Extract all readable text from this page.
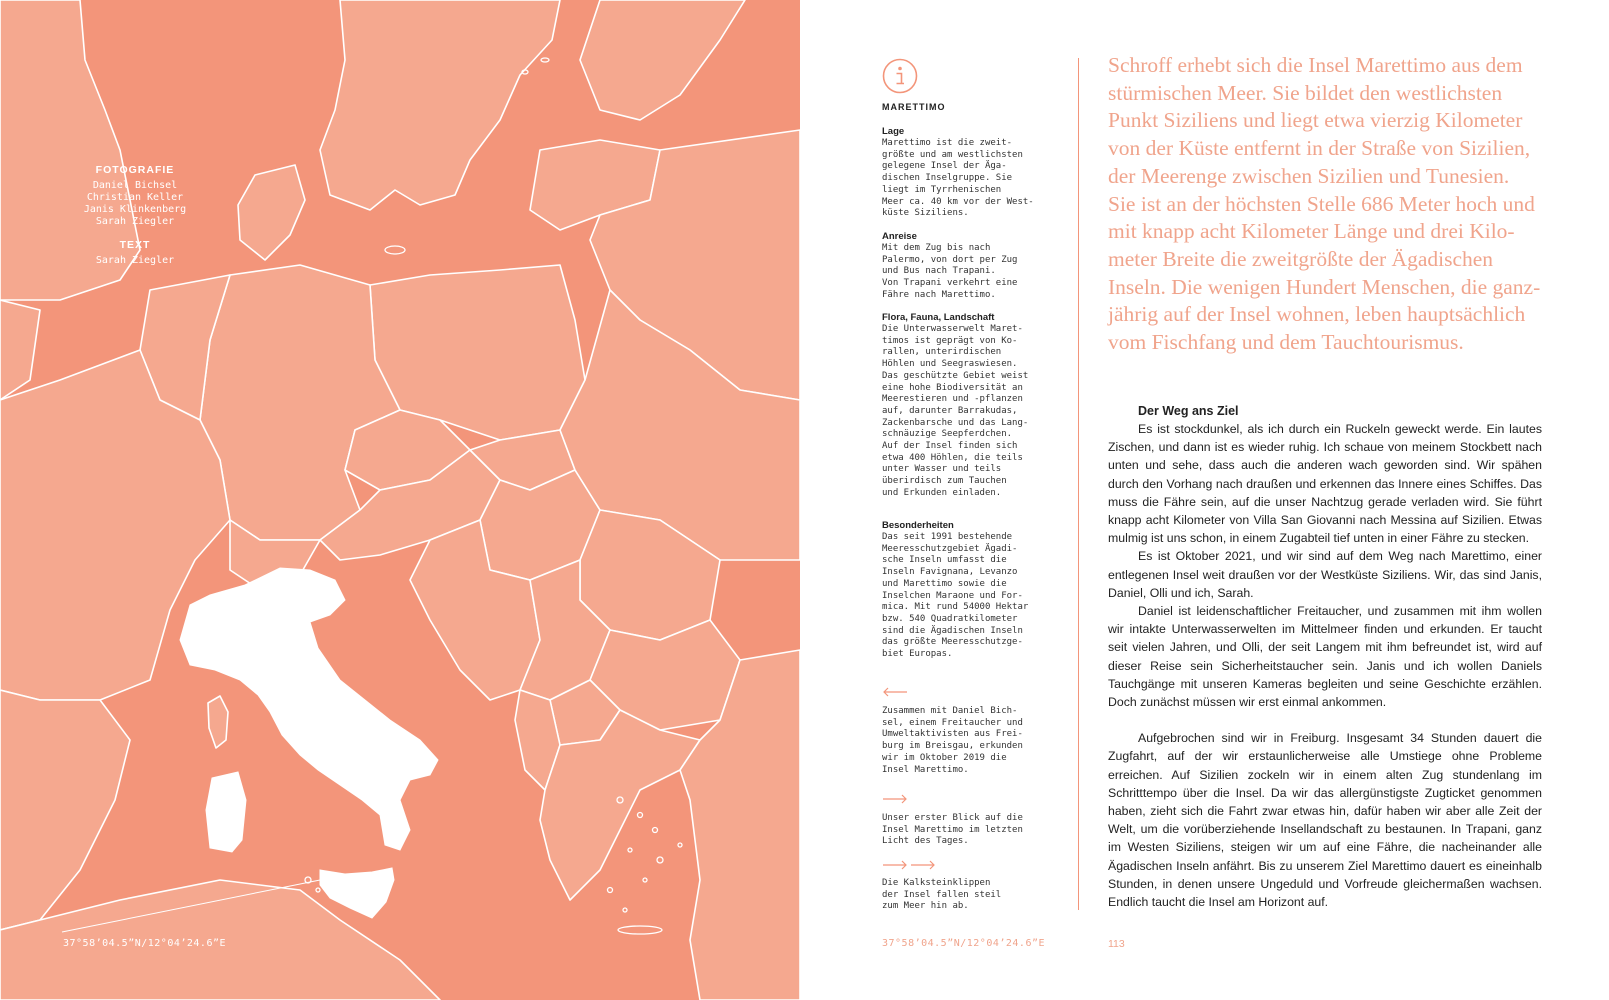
FOTOGRAFIE
Daniel Bichsel
Christian Keller
Janis Klinkenberg
Sarah Ziegler
TEXT
Sarah Ziegler
37°58’04.5”N/12°04’24.6”E
MARETTIMO
Lage
Marettimo ist die zweit-
größte und am westlichsten
gelegene Insel der Äga-
dischen Inselgruppe. Sie
liegt im Tyrrhenischen
Meer ca. 40 km vor der West-
küste Siziliens.
Anreise
Mit dem Zug bis nach
Palermo, von dort per Zug
und Bus nach Trapani.
Von Trapani verkehrt eine
Fähre nach Marettimo.
Flora, Fauna, Landschaft
Die Unterwasserwelt Maret-
timos ist geprägt von Ko-
rallen, unterirdischen
Höhlen und Seegraswiesen.
Das geschützte Gebiet weist
eine hohe Biodiversität an
Meerestieren und -pflanzen
auf, darunter Barrakudas,
Zackenbarsche und das Lang-
schnäuzige Seepferdchen.
Auf der Insel finden sich
etwa 400 Höhlen, die teils
unter Wasser und teils
überirdisch zum Tauchen
und Erkunden einladen.
Besonderheiten
Das seit 1991 bestehende
Meeresschutzgebiet Ägadi-
sche Inseln umfasst die
Inseln Favignana, Levanzo
und Marettimo sowie die
Inselchen Maraone und For-
mica. Mit rund 54000 Hektar
bzw. 540 Quadratkilometer
sind die Ägadischen Inseln
das größte Meeresschutzge-
biet Europas.
Zusammen mit Daniel Bich-
sel, einem Freitaucher und
Umweltaktivisten aus Frei-
burg im Breisgau, erkunden
wir im Oktober 2019 die
Insel Marettimo.
Unser erster Blick auf die
Insel Marettimo im letzten
Licht des Tages.
Die Kalksteinklippen
der Insel fallen steil
zum Meer hin ab.
37°58’04.5”N/12°04’24.6”E
Schroff erhebt sich die Insel Marettimo aus dem
stürmischen Meer. Sie bildet den westlichsten
Punkt Siziliens und liegt etwa vierzig Kilometer
von der Küste entfernt in der Straße von Sizilien,
der Meerenge zwischen Sizilien und Tunesien.
Sie ist an der höchsten Stelle 686 Meter hoch und
mit knapp acht Kilometer Länge und drei Kilo-
meter Breite die zweitgrößte der Ägadischen
Inseln. Die wenigen Hundert Menschen, die ganz-
jährig auf der Insel wohnen, leben hauptsächlich
vom Fischfang und dem Tauchtourismus.
Der Weg ans Ziel

Es ist stockdunkel, als ich durch ein Ruckeln geweckt werde. Ein lautes Zischen, und dann ist es wieder ruhig. Ich schaue von meinem Stockbett nach unten und sehe, dass auch die anderen wach geworden sind. Wir spähen durch den Vorhang nach draußen und erkennen das Innere eines Schiffes. Das muss die Fähre sein, auf die unser Nachtzug gerade verladen wird. Sie führt knapp acht Kilometer von Villa San Giovanni nach Messina auf Sizilien. Etwas mulmig ist uns schon, in einem Zugabteil tief unten in einer Fähre zu stecken.

Es ist Oktober 2021, und wir sind auf dem Weg nach Marettimo, einer entlegenen Insel weit draußen vor der Westküste Siziliens. Wir, das sind Janis, Daniel, Olli und ich, Sarah.

Daniel ist leidenschaftlicher Freitaucher, und zusammen mit ihm wollen wir intakte Unterwasserwelten im Mittelmeer finden und erkunden. Er taucht seit vielen Jahren, und Olli, der seit Langem mit ihm befreundet ist, wird auf dieser Reise sein Sicherheitstaucher sein. Janis und ich wollen Daniels Tauchgänge mit unseren Kameras begleiten und seine Geschichte erzählen. Doch zunächst müssen wir erst einmal ankommen.

Aufgebrochen sind wir in Freiburg. Insgesamt 34 Stunden dauert die Zugfahrt, auf der wir erstaunlicherweise alle Umstiege ohne Probleme erreichen. Auf Sizilien zockeln wir in einem alten Zug stundenlang im Schritttempo über die Insel. Da wir das allergünstigste Zugticket genommen haben, zieht sich die Fahrt zwar etwas hin, dafür haben wir aber alle Zeit der Welt, um die vorüberziehende Insellandschaft zu bestaunen. In Trapani, ganz im Westen Siziliens, steigen wir um auf eine Fähre, die nacheinander alle Ägadischen Inseln anfährt. Bis zu unserem Ziel Marettimo dauert es eineinhalb Stunden, in denen unsere Ungeduld und Vorfreude gleichermaßen wachsen. Endlich taucht die Insel am Horizont auf.

113
